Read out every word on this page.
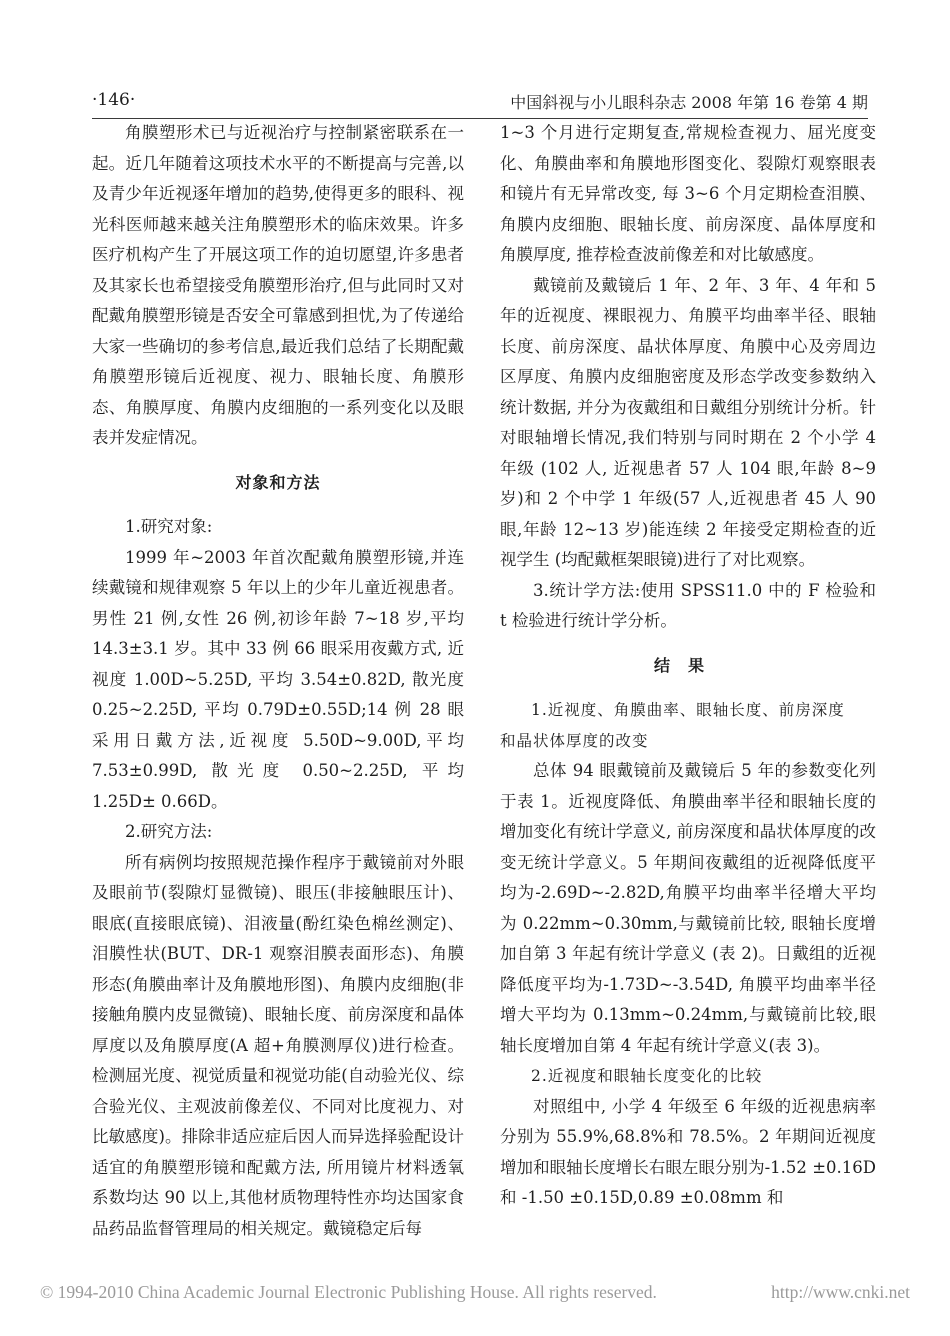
·146·	中国斜视与小儿眼科杂志 2008 年第 16 卷第 4 期

角膜塑形术已与近视治疗与控制紧密联系在一起。近几年随着这项技术水平的不断提高与完善,以及青少年近视逐年增加的趋势,使得更多的眼科、视光科医师越来越关注角膜塑形术的临床效果。许多医疗机构产生了开展这项工作的迫切愿望,许多患者及其家长也希望接受角膜塑形治疗,但与此同时又对配戴角膜塑形镜是否安全可靠感到担忧,为了传递给大家一些确切的参考信息,最近我们总结了长期配戴角膜塑形镜后近视度、视力、眼轴长度、角膜形态、角膜厚度、角膜内皮细胞的一系列变化以及眼表并发症情况。

对象和方法

1.研究对象:

1999 年~2003 年首次配戴角膜塑形镜,并连续戴镜和规律观察 5 年以上的少年儿童近视患者。男性 21 例,女性 26 例,初诊年龄 7~18 岁,平均 14.3±3.1 岁。其中 33 例 66 眼采用夜戴方式, 近视度 1.00D~5.25D, 平均 3.54±0.82D, 散光度 0.25~2.25D, 平均 0.79D±0.55D;14 例 28 眼采用日戴方法,近视度 5.50D~9.00D,平均 7.53±0.99D, 散光度 0.50~2.25D, 平均 1.25D± 0.66D。

2.研究方法:

所有病例均按照规范操作程序于戴镜前对外眼及眼前节(裂隙灯显微镜)、眼压(非接触眼压计)、眼底(直接眼底镜)、泪液量(酚红染色棉丝测定)、泪膜性状(BUT、DR-1 观察泪膜表面形态)、角膜形态(角膜曲率计及角膜地形图)、角膜内皮细胞(非接触角膜内皮显微镜)、眼轴长度、前房深度和晶体厚度以及角膜厚度(A 超+角膜测厚仪)进行检查。检测屈光度、视觉质量和视觉功能(自动验光仪、综合验光仪、主观波前像差仪、不同对比度视力、对比敏感度)。排除非适应症后因人而异选择验配设计适宜的角膜塑形镜和配戴方法, 所用镜片材料透氧系数均达 90 以上,其他材质物理特性亦均达国家食品药品监督管理局的相关规定。戴镜稳定后每

1~3 个月进行定期复查,常规检查视力、屈光度变化、角膜曲率和角膜地形图变化、裂隙灯观察眼表和镜片有无异常改变, 每 3~6 个月定期检查泪膜、角膜内皮细胞、眼轴长度、前房深度、晶体厚度和角膜厚度, 推荐检查波前像差和对比敏感度。

戴镜前及戴镜后 1 年、2 年、3 年、4 年和 5 年的近视度、裸眼视力、角膜平均曲率半径、眼轴长度、前房深度、晶状体厚度、角膜中心及旁周边区厚度、角膜内皮细胞密度及形态学改变参数纳入统计数据, 并分为夜戴组和日戴组分别统计分析。针对眼轴增长情况,我们特别与同时期在 2 个小学 4 年级 (102 人, 近视患者 57 人 104 眼,年龄 8~9 岁)和 2 个中学 1 年级(57 人,近视患者 45 人 90 眼,年龄 12~13 岁)能连续 2 年接受定期检查的近视学生 (均配戴框架眼镜)进行了对比观察。

3.统计学方法:使用 SPSS11.0 中的 F 检验和 t 检验进行统计学分析。

结果

1.近视度、角膜曲率、眼轴长度、前房深度

和晶状体厚度的改变

总体 94 眼戴镜前及戴镜后 5 年的参数变化列于表 1。近视度降低、角膜曲率半径和眼轴长度的增加变化有统计学意义, 前房深度和晶状体厚度的改变无统计学意义。5 年期间夜戴组的近视降低度平均为-2.69D~-2.82D,角膜平均曲率半径增大平均为 0.22mm~0.30mm,与戴镜前比较, 眼轴长度增加自第 3 年起有统计学意义 (表 2)。日戴组的近视降低度平均为-1.73D~-3.54D, 角膜平均曲率半径增大平均为 0.13mm~0.24mm,与戴镜前比较,眼轴长度增加自第 4 年起有统计学意义(表 3)。

2.近视度和眼轴长度变化的比较

对照组中, 小学 4 年级至 6 年级的近视患病率分别为 55.9%,68.8%和 78.5%。2 年期间近视度增加和眼轴长度增长右眼左眼分别为-1.52 ±0.16D 和 -1.50 ±0.15D,0.89 ±0.08mm 和

© 1994-2010 China Academic Journal Electronic Publishing House. All rights reserved.	http://www.cnki.net
